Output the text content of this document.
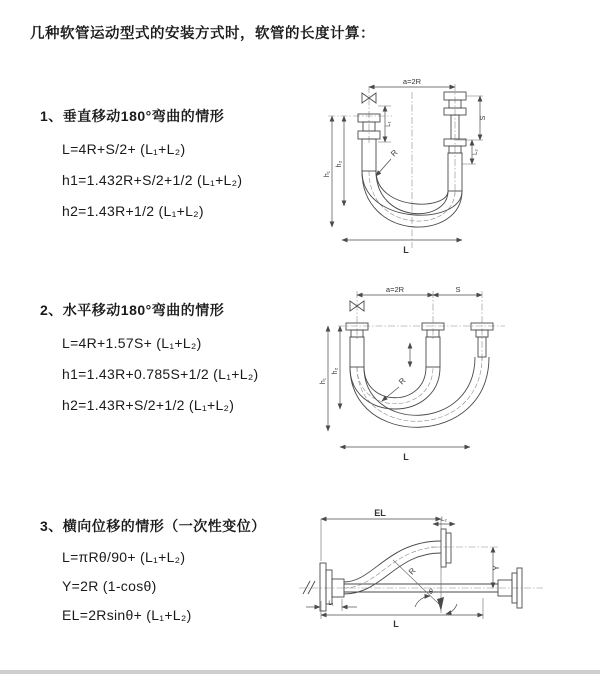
几种软管运动型式的安装方式时，软管的长度计算：
1、垂直移动180°弯曲的情形
L=4R+S/2+ (L₁+L₂)
h1=1.432R+S/2+1/2 (L₁+L₂)
h2=1.43R+1/2 (L₁+L₂)
2、水平移动180°弯曲的情形
L=4R+1.57S+ (L₁+L₂)
h1=1.43R+0.785S+1/2 (L₁+L₂)
h2=1.43R+S/2+1/2 (L₁+L₂)
3、横向位移的情形（一次性变位）
L=πRθ/90+ (L₁+L₂)
Y=2R (1-cosθ)
EL=2Rsinθ+ (L₁+L₂)
a=2R
L₁
S
L₂
h₂
h₁
L
R
a=2R	S
h₂
h₁
L
R
θ
R
EL
L₂
Y
L
L₁
